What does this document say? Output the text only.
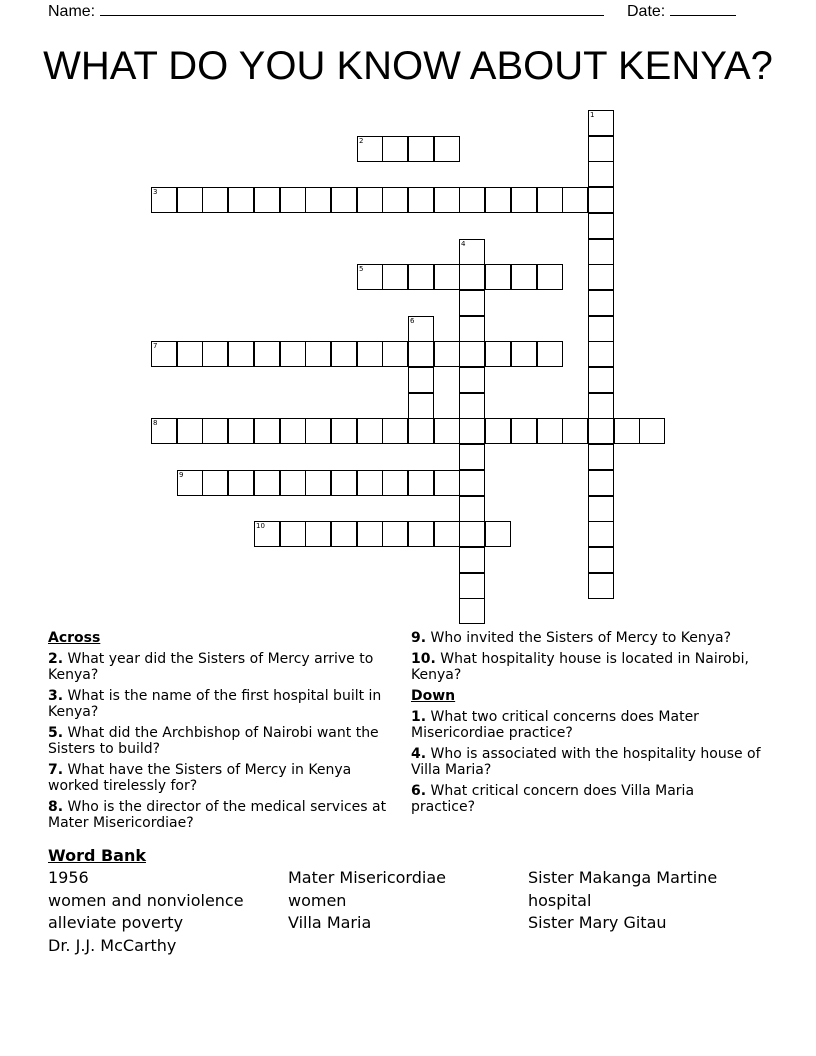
Name:	Date:
WHAT DO YOU KNOW ABOUT KENYA?
1
2
3
4
5
6
7
8
9
10
Across
2. What year did the Sisters of Mercy arrive to Kenya?
3. What is the name of the first hospital built in Kenya?
5. What did the Archbishop of Nairobi want the Sisters to build?
7. What have the Sisters of Mercy in Kenya worked tirelessly for?
8. Who is the director of the medical services at Mater Misericordiae?
9. Who invited the Sisters of Mercy to Kenya?
10. What hospitality house is located in Nairobi, Kenya?
Down
1. What two critical concerns does Mater Misericordiae practice?
4. Who is associated with the hospitality house of Villa Maria?
6. What critical concern does Villa Maria practice?
Word Bank
1956	Mater Misericordiae	Sister Makanga Martine
women and nonviolence	women	hospital
alleviate poverty	Villa Maria	Sister Mary Gitau
Dr. J.J. McCarthy
